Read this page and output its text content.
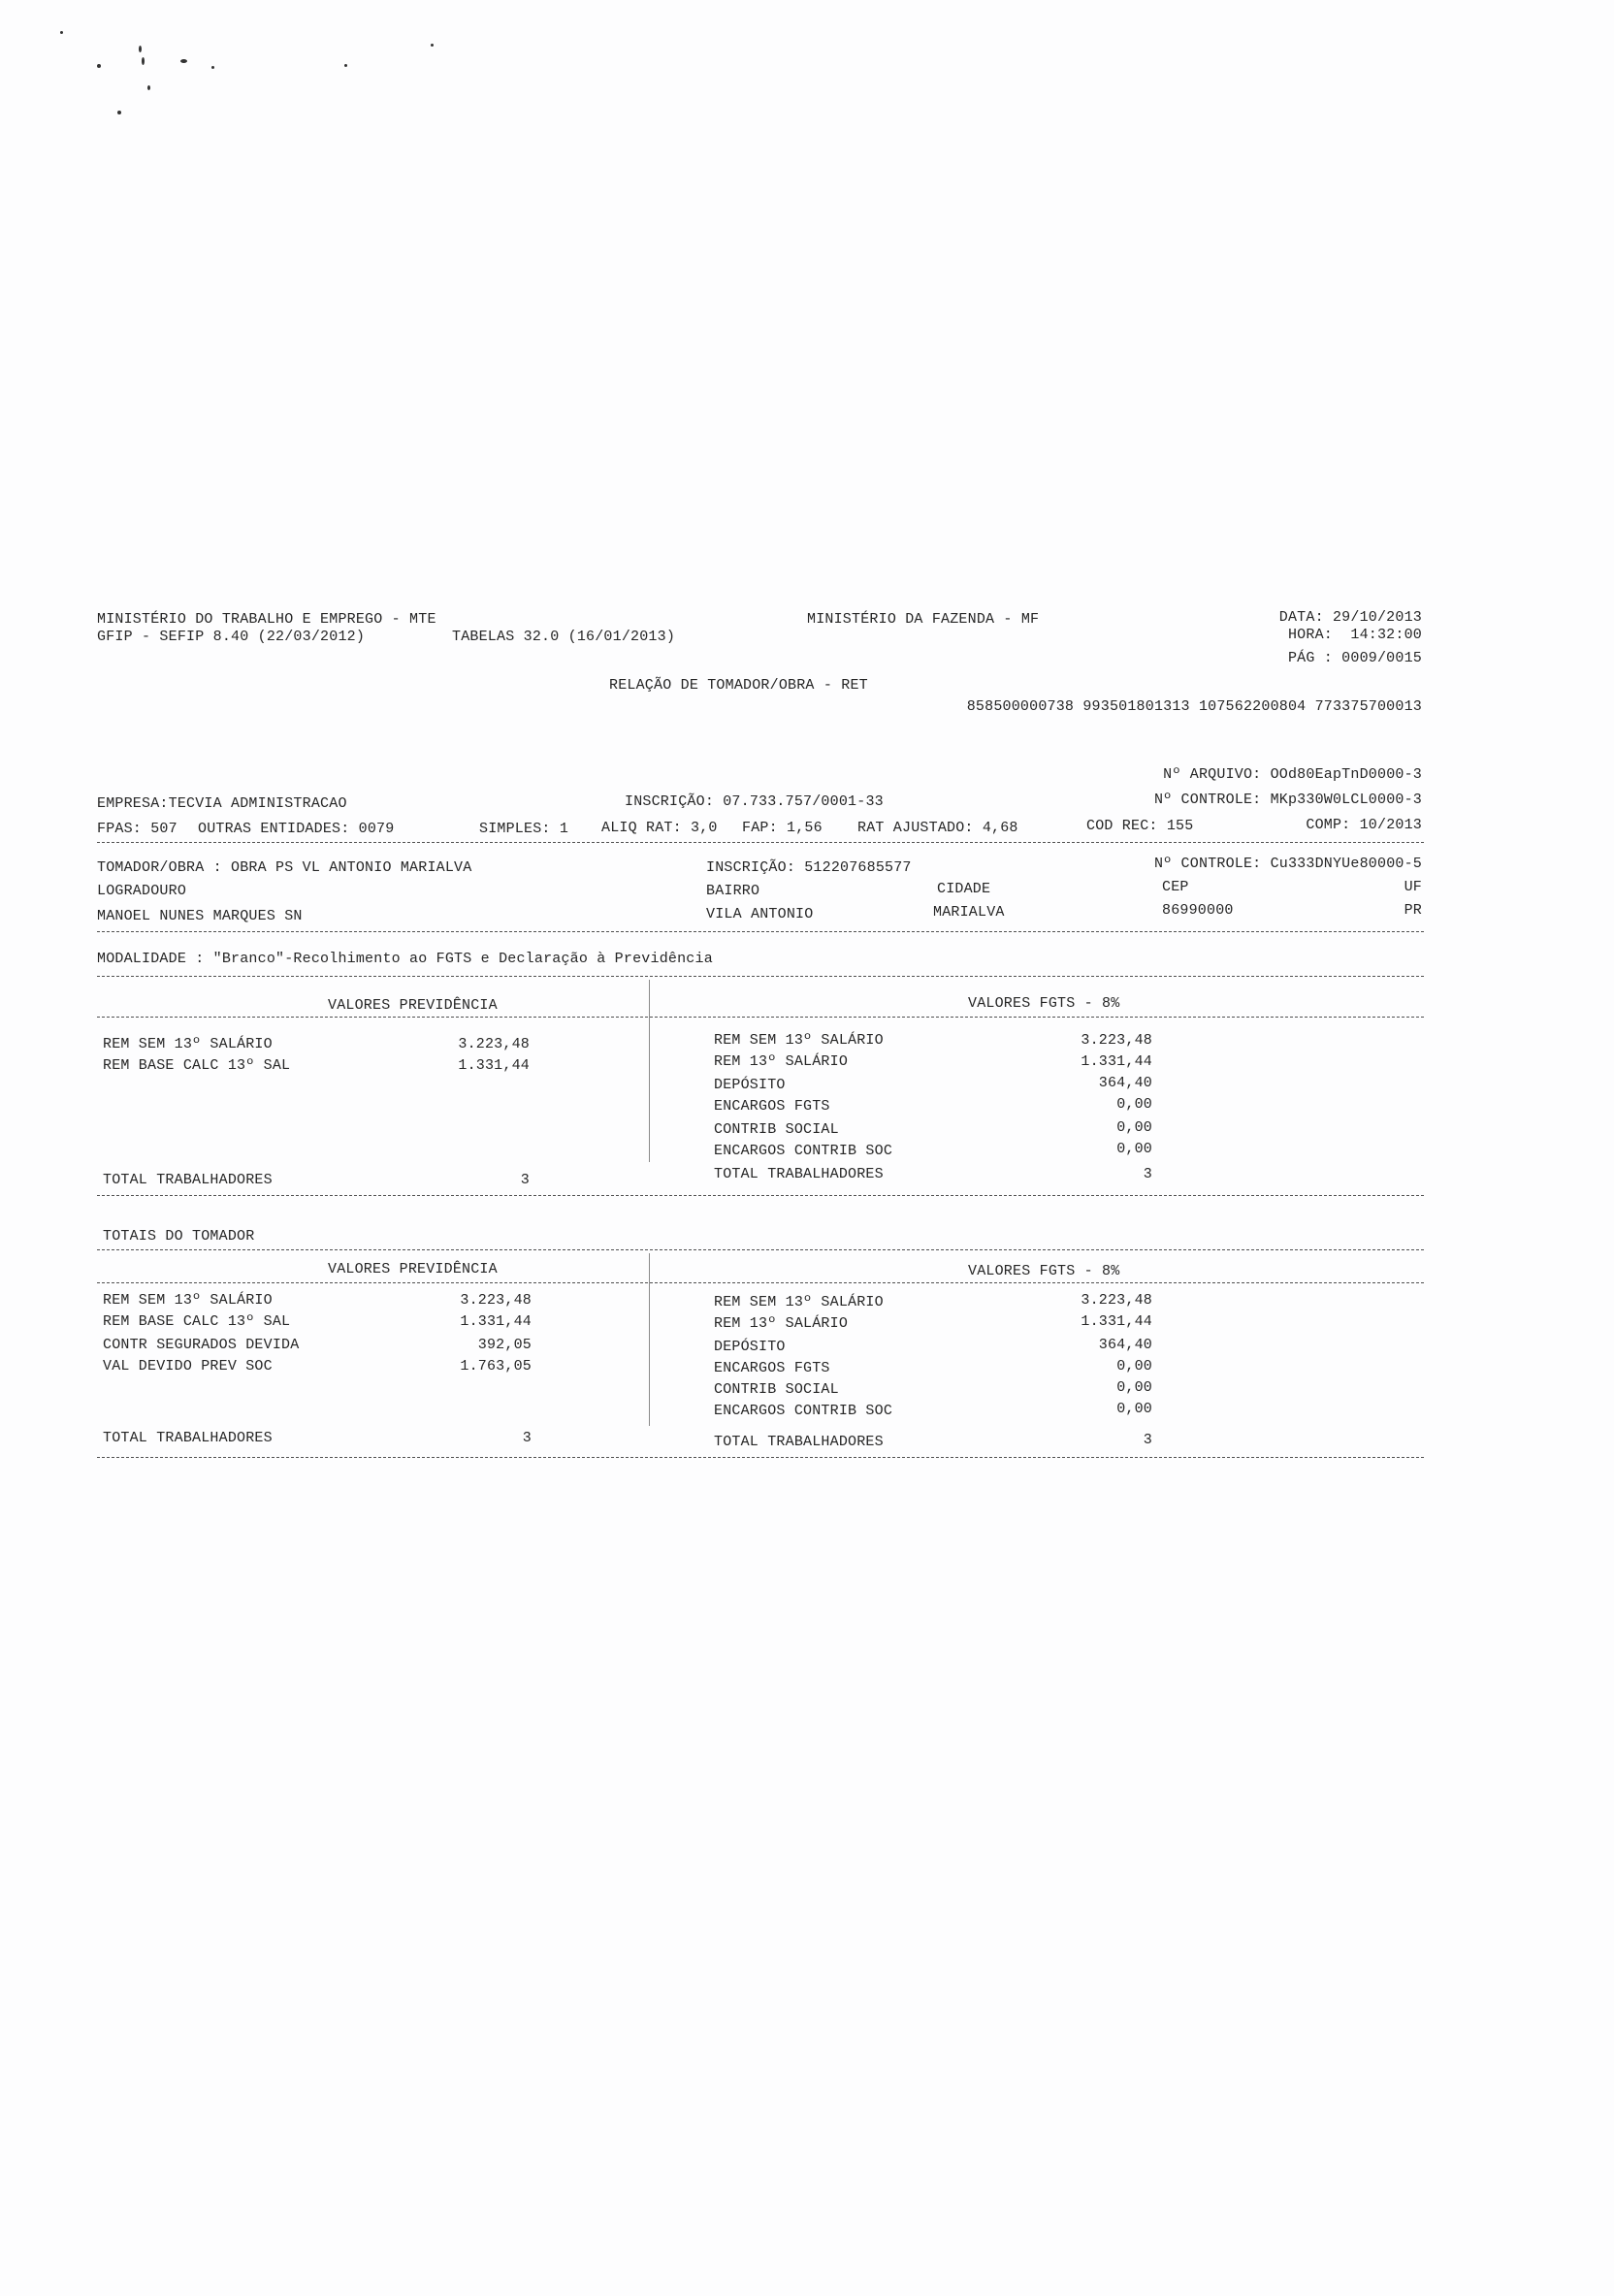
MINISTÉRIO DO TRABALHO E EMPREGO - MTE
GFIP - SEFIP 8.40 (22/03/2012)	TABELAS 32.0 (16/01/2013)
MINISTÉRIO DA FAZENDA - MF	DATA: 29/10/2013
HORA:  14:32:00
PÁG : 0009/0015
RELAÇÃO DE TOMADOR/OBRA - RET
858500000738 993501801313 107562200804 773375700013
Nº ARQUIVO: OOd80EapTnD0000-3
EMPRESA:TECVIA ADMINISTRACAO	INSCRIÇÃO: 07.733.757/0001-33	Nº CONTROLE: MKp330W0LCL0000-3
FPAS: 507 OUTRAS ENTIDADES: 0079	SIMPLES: 1 ALIQ RAT: 3,0 FAP: 1,56 RAT AJUSTADO: 4,68	COD REC: 155	COMP: 10/2013
TOMADOR/OBRA : OBRA PS VL ANTONIO MARIALVA	INSCRIÇÃO: 512207685577	Nº CONTROLE: Cu333DNYUe80000-5
LOGRADOURO	BAIRRO	CIDADE	CEP	UF
MANOEL NUNES MARQUES SN	VILA ANTONIO	MARIALVA	86990000	PR
MODALIDADE : "Branco"-Recolhimento ao FGTS e Declaração à Previdência
VALORES PREVIDÊNCIA	VALORES FGTS - 8%
REM SEM 13º SALÁRIO	3.223,48
REM BASE CALC 13º SAL	1.331,44
REM SEM 13º SALÁRIO	3.223,48
REM 13º SALÁRIO	1.331,44
DEPÓSITO	364,40
ENCARGOS FGTS	0,00
CONTRIB SOCIAL	0,00
ENCARGOS CONTRIB SOC	0,00
TOTAL TRABALHADORES	3	TOTAL TRABALHADORES	3
TOTAIS DO TOMADOR
VALORES PREVIDÊNCIA	VALORES FGTS - 8%
REM SEM 13º SALÁRIO	3.223,48
REM BASE CALC 13º SAL	1.331,44
CONTR SEGURADOS DEVIDA	392,05
VAL DEVIDO PREV SOC	1.763,05
REM SEM 13º SALÁRIO	3.223,48
REM 13º SALÁRIO	1.331,44
DEPÓSITO	364,40
ENCARGOS FGTS	0,00
CONTRIB SOCIAL	0,00
ENCARGOS CONTRIB SOC	0,00
TOTAL TRABALHADORES	3	TOTAL TRABALHADORES	3
